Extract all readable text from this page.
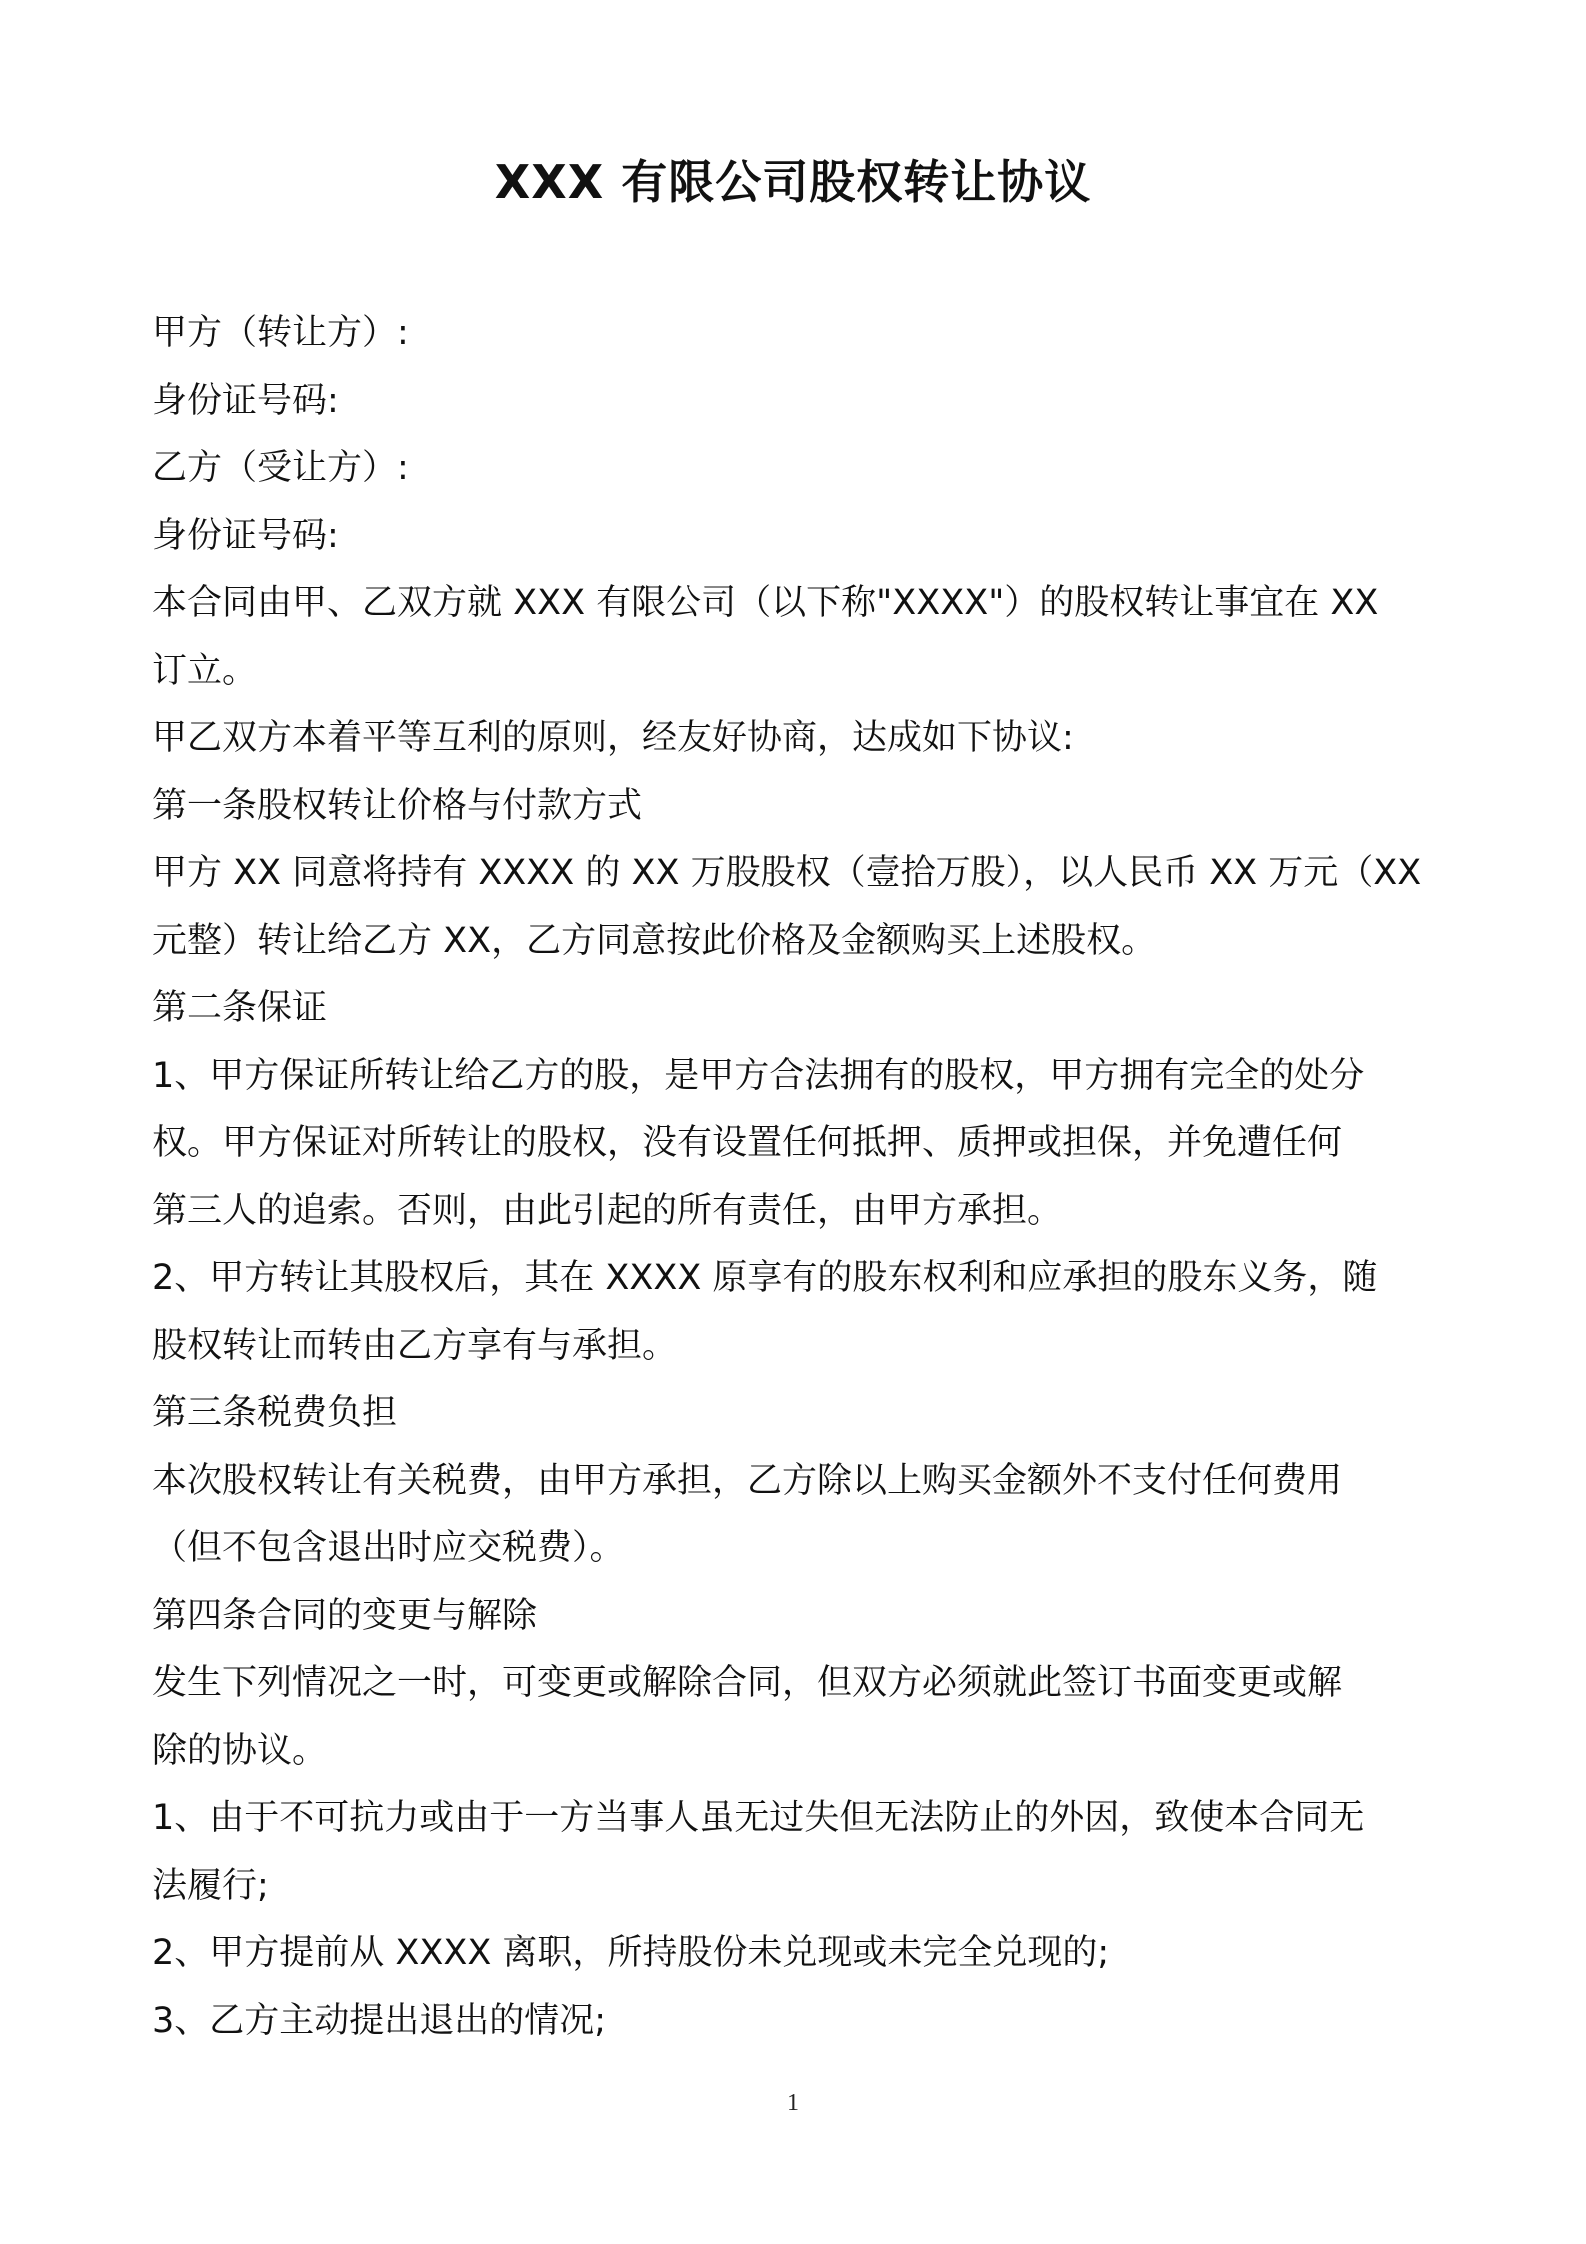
XXX 有限公司股权转让协议
甲方（转让方）:
身份证号码:
乙方（受让方）:
身份证号码:
本合同由甲、乙双方就 XXX 有限公司（以下称"XXXX"）的股权转让事宜在 XX
订立。
甲乙双方本着平等互利的原则，经友好协商，达成如下协议:
第一条股权转让价格与付款方式
甲方 XX 同意将持有 XXXX 的 XX 万股股权（壹拾万股），以人民币 XX 万元（XX
元整）转让给乙方 XX，乙方同意按此价格及金额购买上述股权。
第二条保证
1、甲方保证所转让给乙方的股，是甲方合法拥有的股权，甲方拥有完全的处分
权。甲方保证对所转让的股权，没有设置任何抵押、质押或担保，并免遭任何
第三人的追索。否则，由此引起的所有责任，由甲方承担。
2、甲方转让其股权后，其在 XXXX 原享有的股东权利和应承担的股东义务，随
股权转让而转由乙方享有与承担。
第三条税费负担
本次股权转让有关税费，由甲方承担，乙方除以上购买金额外不支付任何费用
（但不包含退出时应交税费）。
第四条合同的变更与解除
发生下列情况之一时，可变更或解除合同，但双方必须就此签订书面变更或解
除的协议。
1、由于不可抗力或由于一方当事人虽无过失但无法防止的外因，致使本合同无
法履行;
2、甲方提前从 XXXX 离职，所持股份未兑现或未完全兑现的;
3、乙方主动提出退出的情况;
1
